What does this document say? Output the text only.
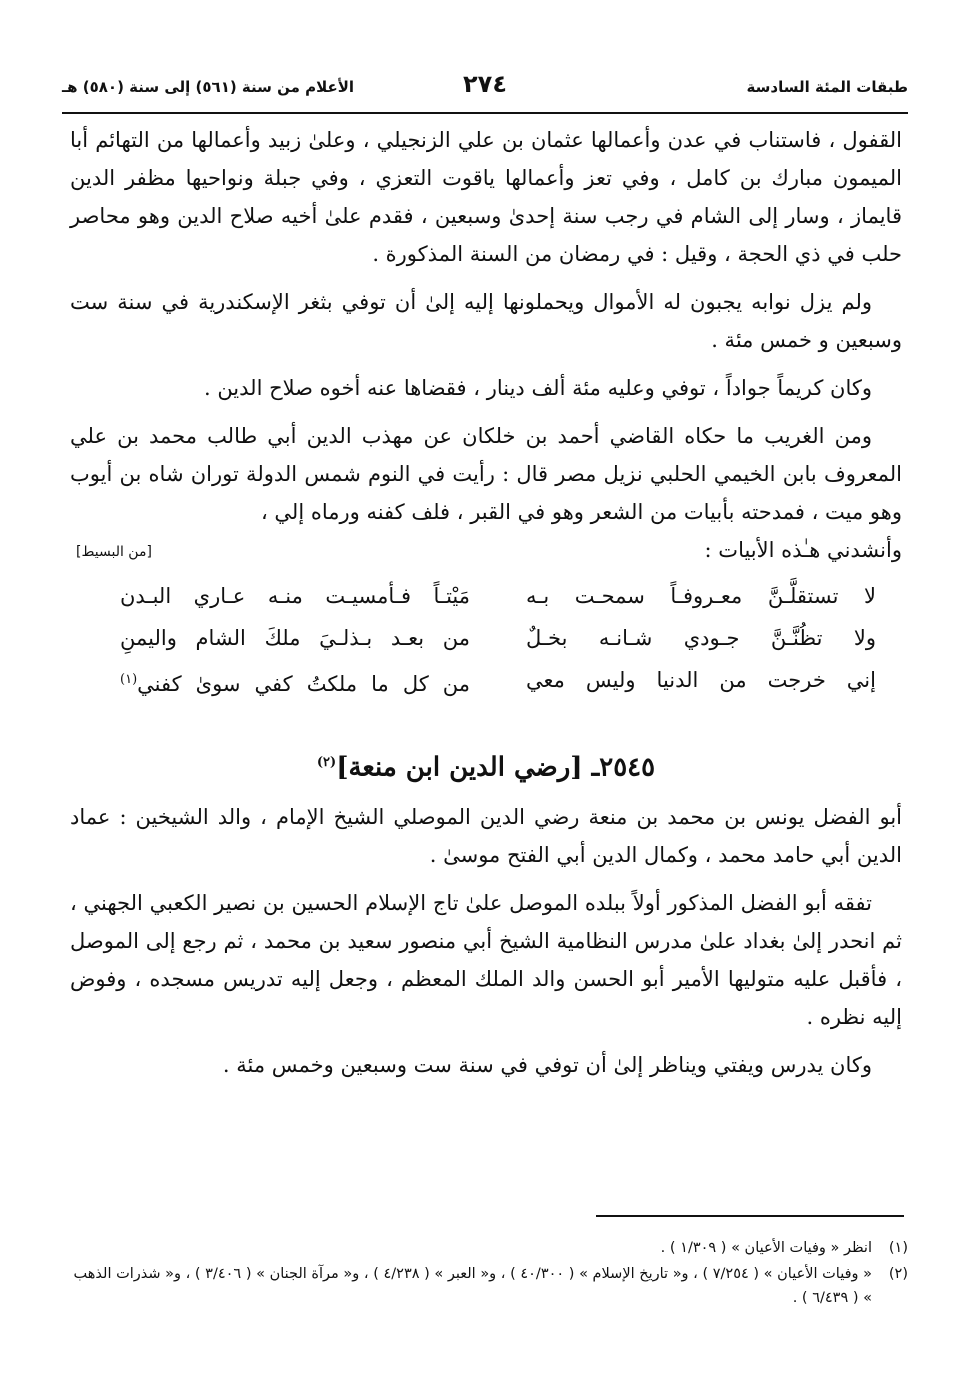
طبقات المئة السادسة
٢٧٤
الأعلام من سنة (٥٦١) إلى سنة (٥٨٠) هـ

القفول ، فاستناب في عدن وأعمالها عثمان بن علي الزنجيلي ، وعلىٰ زبيد وأعمالها من التهائم أبا الميمون مبارك بن كامل ، وفي تعز وأعمالها ياقوت التعزي ، وفي جبلة ونواحيها مظفر الدين قايماز ، وسار إلى الشام في رجب سنة إحدىٰ وسبعين ، فقدم علىٰ أخيه صلاح الدين وهو محاصر حلب في ذي الحجة ، وقيل : في رمضان من السنة المذكورة .

ولم يزل نوابه يجبون له الأموال ويحملونها إليه إلىٰ أن توفي بثغر الإسكندرية في سنة ست وسبعين و خمس مئة .

وكان كريماً جواداً ، توفي وعليه مئة ألف دينار ، فقضاها عنه أخوه صلاح الدين .

ومن الغريب ما حكاه القاضي أحمد بن خلكان عن مهذب الدين أبي طالب محمد بن علي المعروف بابن الخيمي الحلبي نزيل مصر قال : رأيت في النوم شمس الدولة توران شاه بن أيوب وهو ميت ، فمدحته بأبيات من الشعر وهو في القبر ، فلف كفنه ورماه إلي ،

وأنشدني هـٰذه الأبيات :
[من البسيط]
لا تستقلَّـنَّ معـروفـاً سمحـت بـه
مَيْتـاً فـأمسيـت منـه عـاري البـدن
ولا تظُنَّـنَّ جـودي شـانـه بخـلٌ
من بعـد بـذلـيَ ملكَ الشام واليمنِ
إني خرجت من الدنيا وليس معي
من كل ما ملكتُ كفي سوىٰ كفني$^{(١)}$
٢٥٤٥ـ [رضي الدين ابن منعة]$^{(٢)}$

أبو الفضل يونس بن محمد بن منعة رضي الدين الموصلي الشيخ الإمام ، والد الشيخين : عماد الدين أبي حامد محمد ، وكمال الدين أبي الفتح موسىٰ .

تفقه أبو الفضل المذكور أولاً ببلده الموصل علىٰ تاج الإسلام الحسين بن نصير الكعبي الجهني ، ثم انحدر إلىٰ بغداد علىٰ مدرس النظامية الشيخ أبي منصور سعيد بن محمد ، ثم رجع إلى الموصل ، فأقبل عليه متوليها الأمير أبو الحسن والد الملك المعظم ، وجعل إليه تدريس مسجده ، وفوض إليه نظره .

وكان يدرس ويفتي ويناظر إلىٰ أن توفي في سنة ست وسبعين وخمس مئة .

(١)
انظر « وفيات الأعيان » ( ١/٣٠٩ ) .
(٢)
« وفيات الأعيان » ( ٧/٢٥٤ ) ، و« تاريخ الإسلام » ( ٤٠/٣٠٠ ) ، و« العبر » ( ٤/٢٣٨ ) ، و« مرآة الجنان » ( ٣/٤٠٦ ) ، و« شذرات الذهب » ( ٦/٤٣٩ ) .
